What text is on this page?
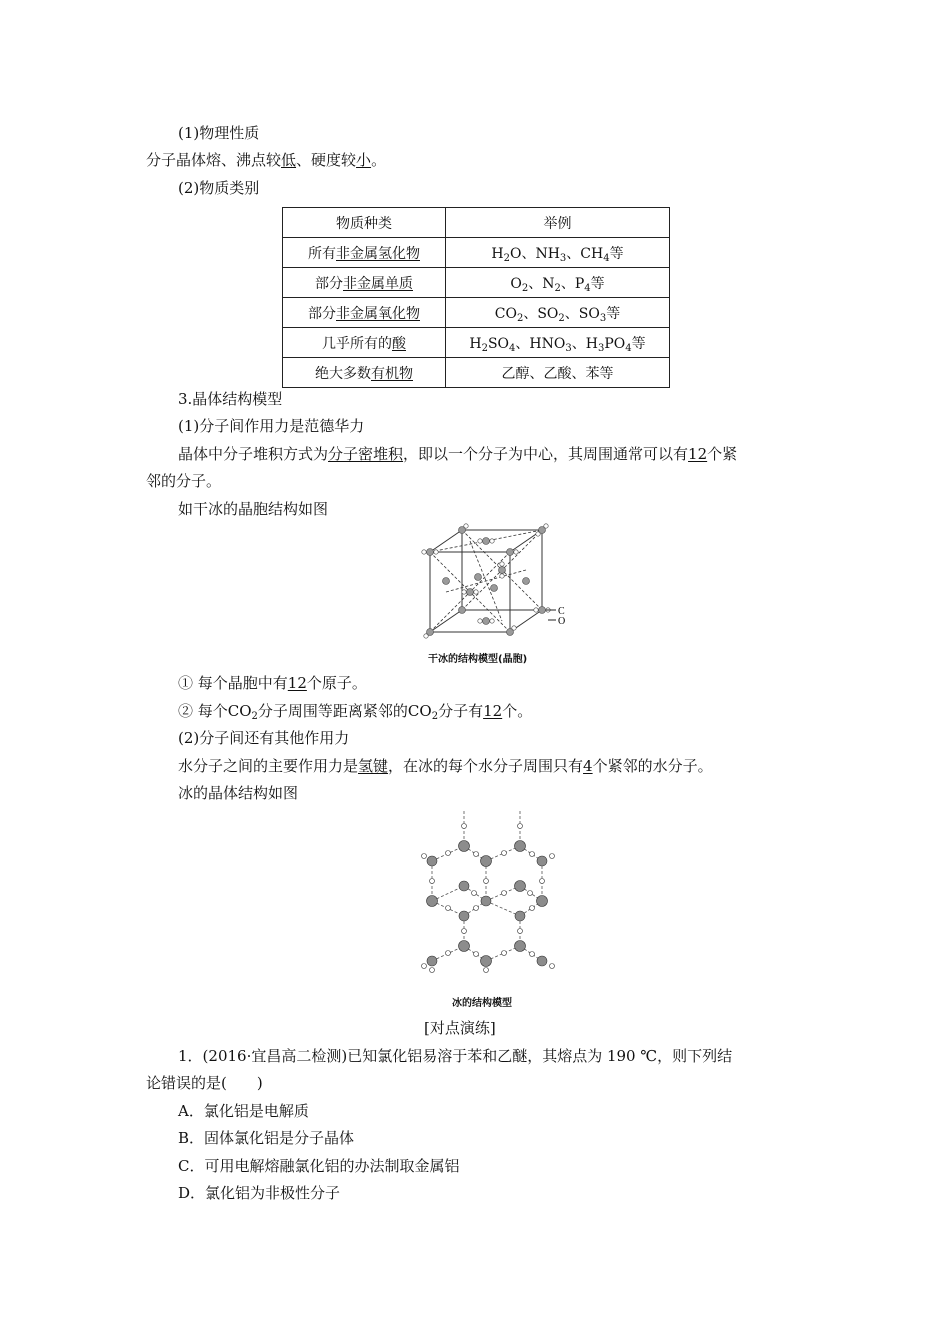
(1)物理性质
分子晶体熔、沸点较低、硬度较小。
(2)物质类别
物质种类	举例
所有非金属氢化物	$H_2O$、$NH_3$、$CH_4$等
部分非金属单质	$O_2$、$N_2$、$P_4$等
部分非金属氧化物	$CO_2$、$SO_2$、$SO_3$等
几乎所有的酸	$H_2SO_4$、$HNO_3$、$H_3PO_4$等
绝大多数有机物	乙醇、乙酸、苯等
3.晶体结构模型
(1)分子间作用力是范德华力
晶体中分子堆积方式为分子密堆积，即以一个分子为中心，其周围通常可以有12个紧
邻的分子。
如干冰的晶胞结构如图
C
O
干冰的结构模型(晶胞)
① 每个晶胞中有12个原子。
② 每个$CO_2$分子周围等距离紧邻的$CO_2$分子有12个。
(2)分子间还有其他作用力
水分子之间的主要作用力是氢键，在冰的每个水分子周围只有4个紧邻的水分子。
冰的晶体结构如图
冰的结构模型
[对点演练]
1．(2016·宜昌高二检测)已知氯化铝易溶于苯和乙醚，其熔点为 190 ℃，则下列结
论错误的是(　　)
A．氯化铝是电解质
B．固体氯化铝是分子晶体
C．可用电解熔融氯化铝的办法制取金属铝
D．氯化铝为非极性分子
